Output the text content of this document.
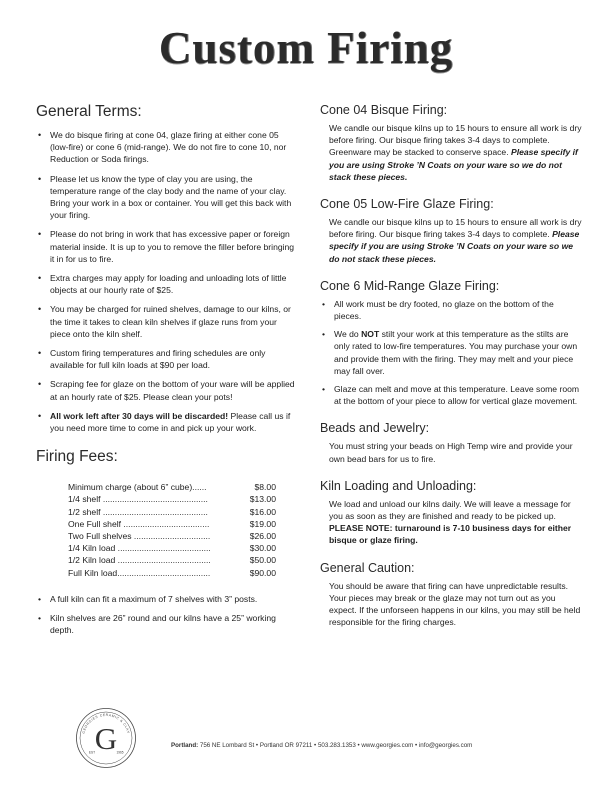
Custom Firing
General Terms:
• We do bisque firing at cone 04, glaze firing at either cone 05 (low-fire) or cone 6 (mid-range). We do not fire to cone 10, nor Reduction or Soda firings.
• Please let us know the type of clay you are using, the temperature range of the clay body and the name of your clay. Bring your work in a box or container. You will get this back with your firing.
• Please do not bring in work that has excessive paper or foreign material inside. It is up to you to remove the filler before bringing it in for us to fire.
• Extra charges may apply for loading and unloading lots of little objects at our hourly rate of $25.
• You may be charged for ruined shelves, damage to our kilns, or the time it takes to clean kiln shelves if glaze runs from your piece onto the kiln shelf.
• Custom firing temperatures and firing schedules are only available for full kiln loads at $90 per load.
• Scraping fee for glaze on the bottom of your ware will be applied at an hourly rate of $25. Please clean your pots!
• All work left after 30 days will be discarded! Please call us if you need more time to come in and pick up your work.
Firing Fees:
Minimum charge (about 6” cube)......	$8.00
1/4 shelf ............................................	$13.00
1/2 shelf ............................................	$16.00
One Full shelf ....................................	$19.00
Two Full shelves ................................	$26.00
1/4 Kiln load .......................................	$30.00
1/2 Kiln load .......................................	$50.00
Full Kiln load.......................................	$90.00
• A full kiln can fit a maximum of 7 shelves with 3” posts.
• Kiln shelves are 26” round and our kilns have a 25” working depth.
Cone 04 Bisque Firing:

We candle our bisque kilns up to 15 hours to ensure all work is dry before firing. Our bisque firing takes 3-4 days to complete. Greenware may be stacked to conserve space. Please specify if you are using Stroke ’N Coats on your ware so we do not stack these pieces.

Cone 05 Low-Fire Glaze Firing:

We candle our bisque kilns up to 15 hours to ensure all work is dry before firing. Our bisque firing takes 3-4 days to complete. Please specify if you are using Stroke ’N Coats on your ware so we do not stack these pieces.

Cone 6 Mid-Range Glaze Firing:
• All work must be dry footed, no glaze on the bottom of the pieces.
• We do NOT stilt your work at this temperature as the stilts are only rated to low-fire temperatures. You may purchase your own and provide them with the firing. They may melt and your piece may fall over.
• Glaze can melt and move at this temperature. Leave some room at the bottom of your piece to allow for vertical glaze movement.
Beads and Jewelry:

You must string your beads on High Temp wire and provide your own bead bars for us to fire.

Kiln Loading and Unloading:

We load and unload our kilns daily. We will leave a message for you as soon as they are finished and ready to be picked up. PLEASE NOTE: turnaround is 7-10 business days for either bisque or glaze firing.

General Caution:

You should be aware that firing can have unpredictable results. Your pieces may break or the glaze may not turn out as you expect. If the unforseen happens in our kilns, you may still be held responsible for the firing charges.

GEORGIES CERAMIC & CLAY
G
EST	1965
Portland: 756 NE Lombard St • Portland OR 97211 • 503.283.1353 • www.georgies.com • info@georgies.com
